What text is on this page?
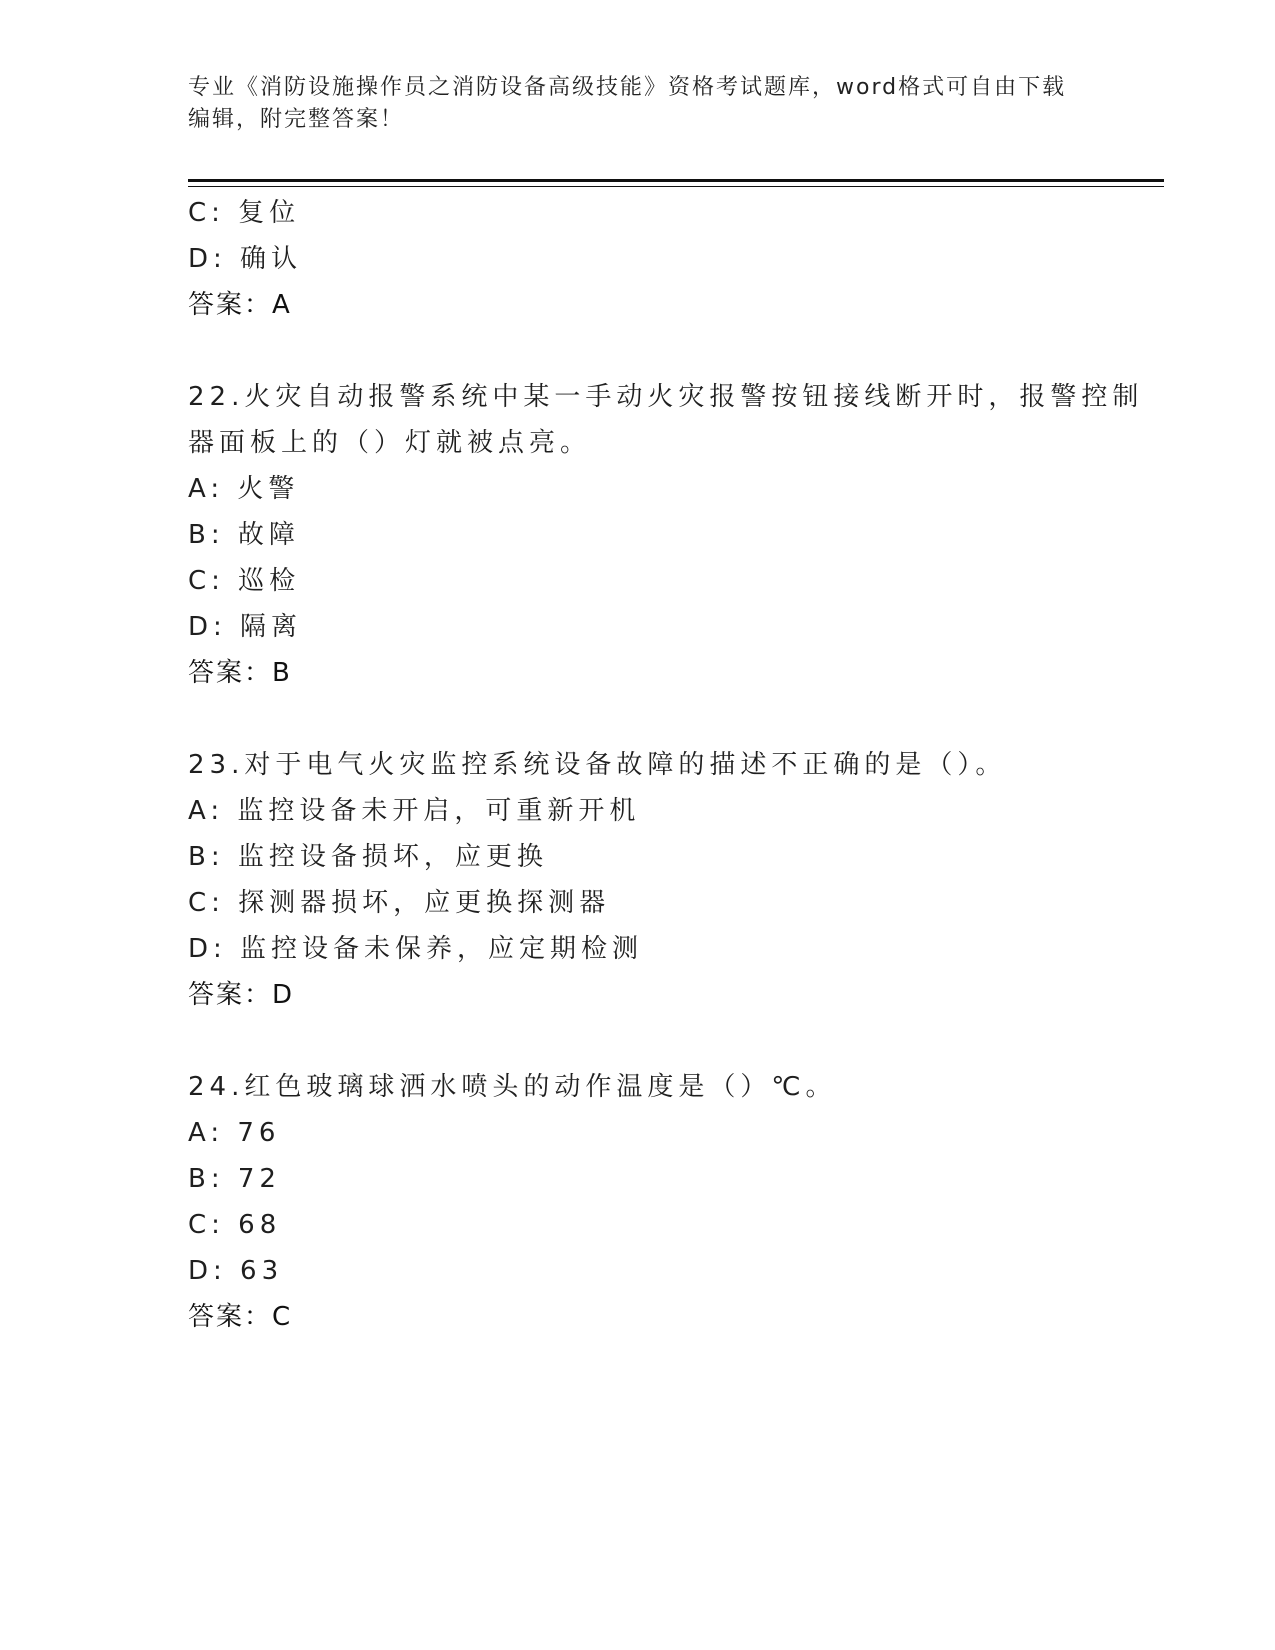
专业《消防设施操作员之消防设备高级技能》资格考试题库，word格式可自由下载编辑，附完整答案！
C: 复位
D: 确认
答案：A
22.火灾自动报警系统中某一手动火灾报警按钮接线断开时，报警控制
器面板上的（）灯就被点亮。
A: 火警
B: 故障
C: 巡检
D: 隔离
答案：B
23.对于电气火灾监控系统设备故障的描述不正确的是（）。
A: 监控设备未开启，可重新开机
B: 监控设备损坏，应更换
C: 探测器损坏，应更换探测器
D: 监控设备未保养，应定期检测
答案：D
24.红色玻璃球洒水喷头的动作温度是（）℃。
A: 76
B: 72
C: 68
D: 63
答案：C
